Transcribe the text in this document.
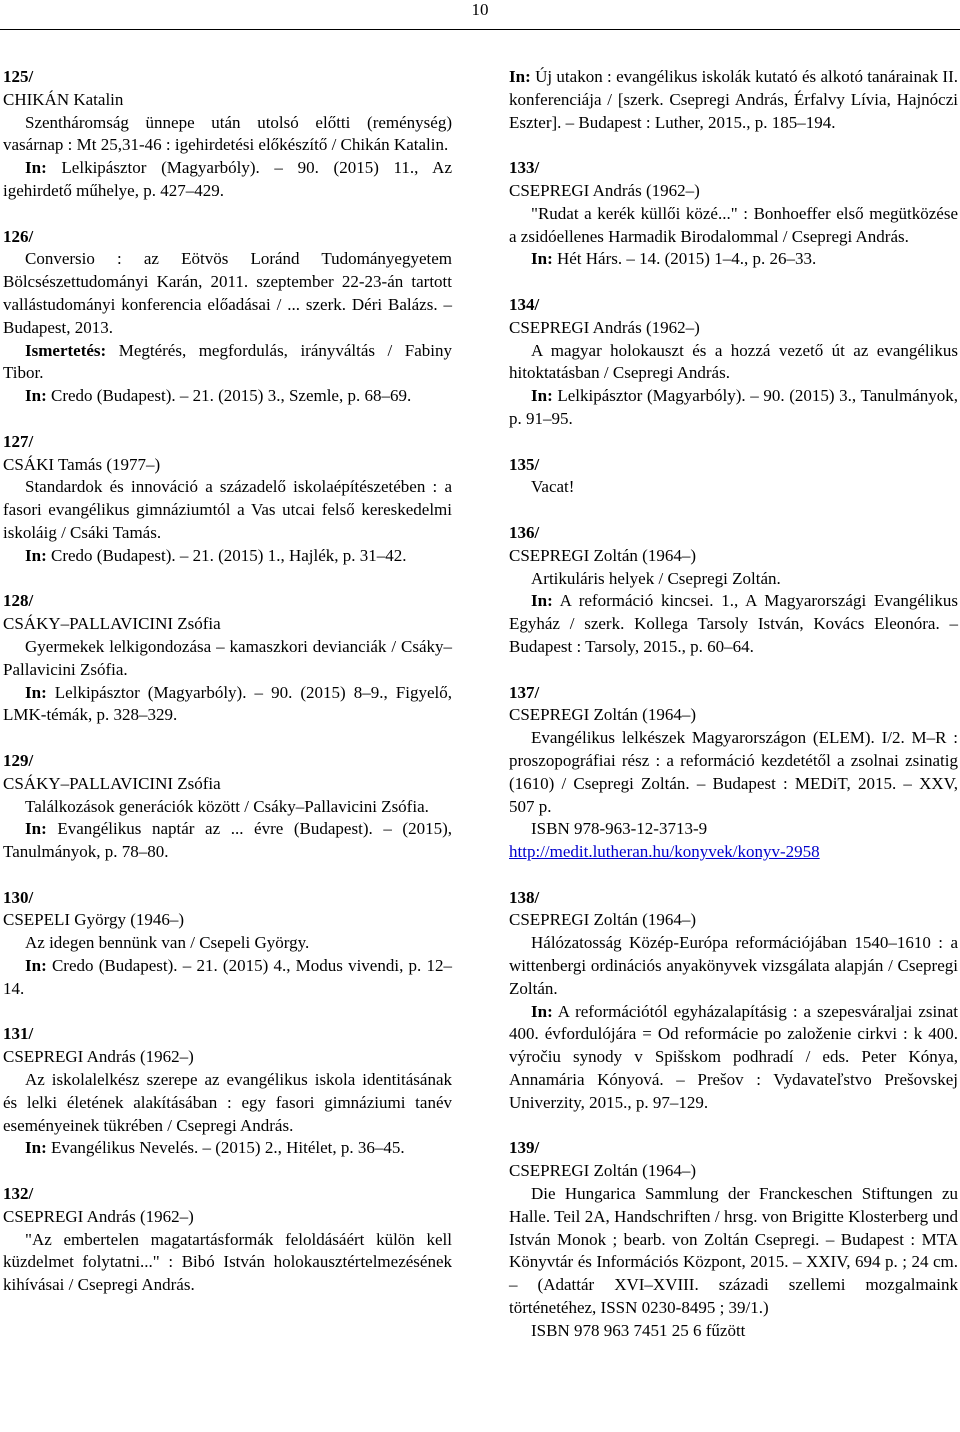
10

125/

CHIKÁN Katalin

Szentháromság ünnepe után utolsó előtti (reménység) vasárnap : Mt 25,31-46 : igehirdetési előkészítő / Chikán Katalin.

In: Lelkipásztor (Magyarbóly). ‒ 90. (2015) 11., Az igehirdető műhelye, p. 427‒429.

126/

Conversio : az Eötvös Loránd Tudományegyetem Bölcsészettudományi Karán, 2011. szeptember 22-23-án tartott vallástudományi konferencia előadásai / ... szerk. Déri Balázs. ‒ Budapest, 2013.

Ismertetés: Megtérés, megfordulás, irányváltás / Fabiny Tibor.

In: Credo (Budapest). ‒ 21. (2015) 3., Szemle, p. 68‒69.

127/

CSÁKI Tamás (1977‒)

Standardok és innováció a századelő iskolaépítészetében : a fasori evangélikus gimnáziumtól a Vas utcai felső kereskedelmi iskoláig / Csáki Tamás.

In: Credo (Budapest). ‒ 21. (2015) 1., Hajlék, p. 31‒42.

128/

CSÁKY‒PALLAVICINI Zsófia

Gyermekek lelkigondozása ‒ kamaszkori devianciák / Csáky‒Pallavicini Zsófia.

In: Lelkipásztor (Magyarbóly). ‒ 90. (2015) 8‒9., Figyelő, LMK-témák, p. 328‒329.

129/

CSÁKY‒PALLAVICINI Zsófia

Találkozások generációk között / Csáky‒Pallavicini Zsófia.

In: Evangélikus naptár az ... évre (Budapest). ‒ (2015), Tanulmányok, p. 78‒80.

130/

CSEPELI György (1946‒)

Az idegen bennünk van / Csepeli György.

In: Credo (Budapest). ‒ 21. (2015) 4., Modus vivendi, p. 12‒14.

131/

CSEPREGI András (1962‒)

Az iskolalelkész szerepe az evangélikus iskola identitásának és lelki életének alakításában : egy fasori gimnáziumi tanév eseményeinek tükrében / Csepregi András.

In: Evangélikus Nevelés. ‒ (2015) 2., Hitélet, p. 36‒45.

132/

CSEPREGI András (1962‒)

"Az embertelen magatartásformák feloldásáért külön kell küzdelmet folytatni..." : Bibó István holokausztértelmezésének kihívásai / Csepregi András.

In: Új utakon : evangélikus iskolák kutató és alkotó tanárainak II. konferenciája / [szerk. Csepregi András, Érfalvy Lívia, Hajnóczi Eszter]. ‒ Budapest : Luther, 2015., p. 185‒194.

133/

CSEPREGI András (1962‒)

"Rudat a kerék küllői közé..." : Bonhoeffer első megütközése a zsidóellenes Harmadik Birodalommal / Csepregi András.

In: Hét Hárs. ‒ 14. (2015) 1‒4., p. 26‒33.

134/

CSEPREGI András (1962‒)

A magyar holokauszt és a hozzá vezető út az evangélikus hitoktatásban / Csepregi András.

In: Lelkipásztor (Magyarbóly). ‒ 90. (2015) 3., Tanulmányok, p. 91‒95.

135/

Vacat!

136/

CSEPREGI Zoltán (1964‒)

Artikuláris helyek / Csepregi Zoltán.

In: A reformáció kincsei. 1., A Magyarországi Evangélikus Egyház / szerk. Kollega Tarsoly István, Kovács Eleonóra. ‒ Budapest : Tarsoly, 2015., p. 60‒64.

137/

CSEPREGI Zoltán (1964‒)

Evangélikus lelkészek Magyarországon (ELEM). I/2. M‒R : proszopográfiai rész : a reformáció kezdetétől a zsolnai zsinatig (1610) / Csepregi Zoltán. ‒ Budapest : MEDiT, 2015. ‒ XXV, 507 p.

ISBN 978-963-12-3713-9

http://medit.lutheran.hu/konyvek/konyv-2958

138/

CSEPREGI Zoltán (1964‒)

Hálózatosság Közép-Európa reformációjában 1540‒1610 : a wittenbergi ordinációs anyakönyvek vizsgálata alapján / Csepregi Zoltán.

In: A reformációtól egyházalapításig : a szepesváraljai zsinat 400. évfordulójára = Od reformácie po založenie cirkvi : k 400. výročiu synody v Spišskom podhradí / eds. Peter Kónya, Annamária Kónyová. ‒ Prešov : Vydavateľstvo Prešovskej Univerzity, 2015., p. 97‒129.

139/

CSEPREGI Zoltán (1964‒)

Die Hungarica Sammlung der Franckeschen Stiftungen zu Halle. Teil 2A, Handschriften / hrsg. von Brigitte Klosterberg und István Monok ; bearb. von Zoltán Csepregi. ‒ Budapest : MTA Könyvtár és Információs Központ, 2015. ‒ XXIV, 694 p. ; 24 cm. ‒ (Adattár XVI‒XVIII. századi szellemi mozgalmaink történetéhez, ISSN 0230-8495 ; 39/1.)

ISBN 978 963 7451 25 6 fűzött
